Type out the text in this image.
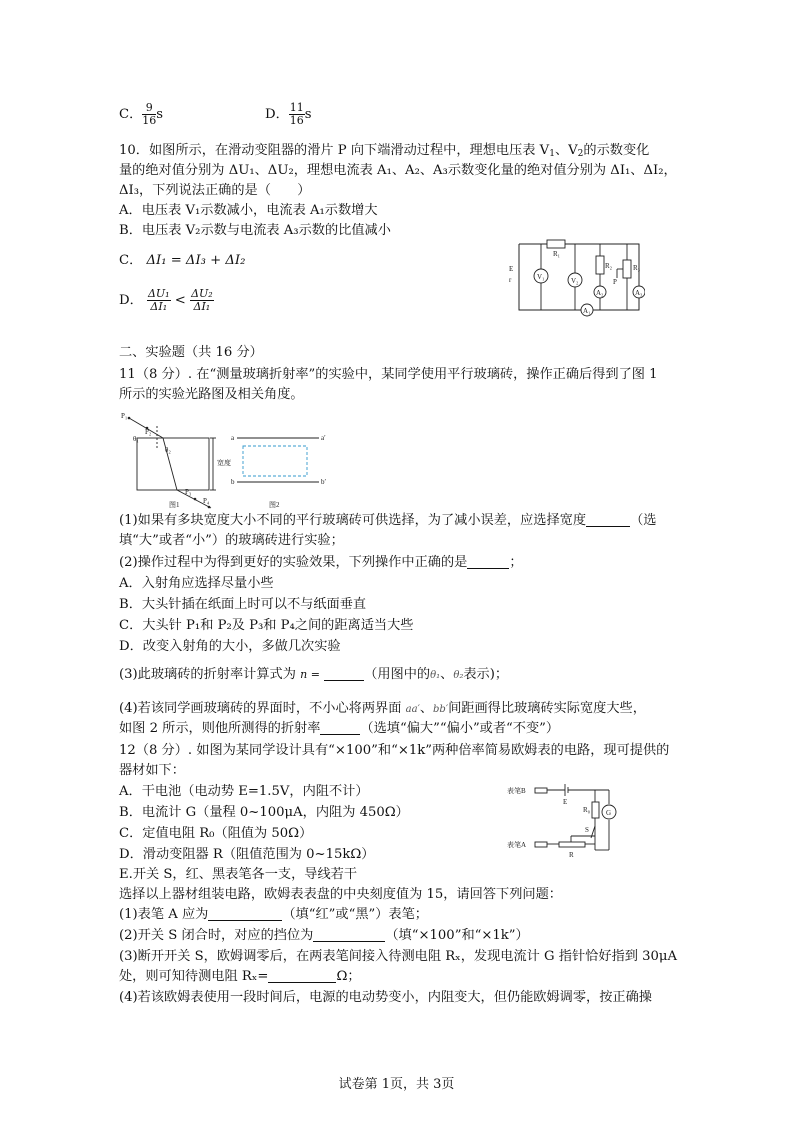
C． $\frac{9}{16}$ s	D． $\frac{11}{16}$ s
10．如图所示，在滑动变阻器的滑片 P 向下端滑动过程中，理想电压表 $V_1$、$V_2$的示数变化
量的绝对值分别为 ΔU₁、ΔU₂，理想电流表 A₁、A₂、A₃示数变化量的绝对值分别为 ΔI₁、ΔI₂，
ΔI₃，下列说法正确的是（　　）
A．电压表 V₁示数减小，电流表 A₁示数增大
B．电压表 V₂示数与电流表 A₃示数的比值减小
C． ΔI₁ = ΔI₃ + ΔI₂
D． $\frac{\text{ΔU₁}}{\text{ΔI₁}} < \frac{\text{ΔU₂}}{\text{ΔI₁}}$
E
r	V₁	V₂
R₁
R₂	R₃
P
A₁
A₂	A₃
二、实验题（共 16 分）
11（8 分）. 在“测量玻璃折射率”的实验中，某同学使用平行玻璃砖，操作正确后得到了图 1
所示的实验光路图及相关角度。
P₁
P₂
P₃
P₄
θ₁
θ₂
宽度
图1	图2
a	a′
b	b′
(1)如果有多块宽度大小不同的平行玻璃砖可供选择，为了减小误差，应选择宽度	（选
填“大”或者“小”）的玻璃砖进行实验；
(2)操作过程中为得到更好的实验效果，下列操作中正确的是	；
A．入射角应选择尽量小些
B．大头针插在纸面上时可以不与纸面垂直
C．大头针 P₁和 P₂及 P₃和 P₄之间的距离适当大些
D．改变入射角的大小，多做几次实验
(3)此玻璃砖的折射率计算式为 n =	（用图中的θ₁、θ₂表示)；
(4)若该同学画玻璃砖的界面时，不小心将两界面 aa′、bb′间距画得比玻璃砖实际宽度大些，
如图 2 所示，则他所测得的折射率	（选填“偏大”“偏小”或者“不变”）
12（8 分）. 如图为某同学设计具有“×100”和“×1k”两种倍率简易欧姆表的电路，现可提供的
器材如下：
A．干电池（电动势 E=1.5V，内阻不计）
B．电流计 G（量程 0~100μA，内阻为 450Ω）
C．定值电阻 R₀（阻值为 50Ω）
D．滑动变阻器 R（阻值范围为 0~15kΩ）
E.开关 S，红、黑表笔各一支，导线若干
表笔B
表笔A
E
R₀ G
S
R
选择以上器材组装电路，欧姆表表盘的中央刻度值为 15，请回答下列问题：
(1)表笔 A 应为	（填“红”或“黑”）表笔；
(2)开关 S 闭合时，对应的挡位为	（填“×100”和“×1k”）
(3)断开开关 S，欧姆调零后，在两表笔间接入待测电阻 Rₓ，发现电流计 G 指针恰好指到 30μA
处，则可知待测电阻 Rₓ=	Ω；
(4)若该欧姆表使用一段时间后，电源的电动势变小，内阻变大，但仍能欧姆调零，按正确操
试卷第 1页，共 3页
